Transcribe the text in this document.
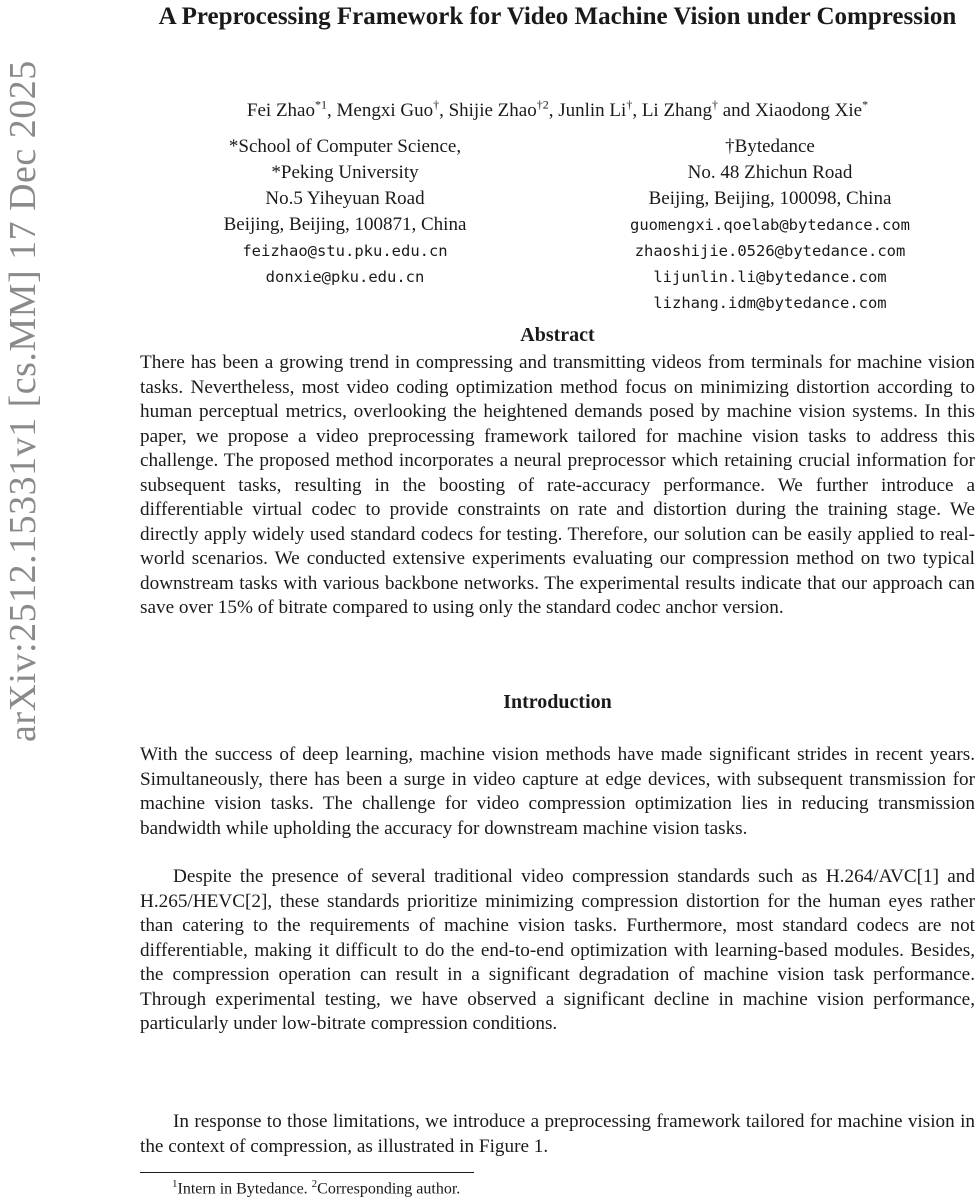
arXiv:2512.15331v1 [cs.MM] 17 Dec 2025
A Preprocessing Framework for Video Machine Vision under Compression
Fei Zhao$^{*1}$, Mengxi Guo†, Shijie Zhao$^{\dagger 2}$, Junlin Li†, Li Zhang† and Xiaodong Xie*
*School of Computer Science,
*Peking University
No.5 Yiheyuan Road
Beijing, Beijing, 100871, China
feizhao@stu.pku.edu.cn
donxie@pku.edu.cn
†Bytedance
No. 48 Zhichun Road
Beijing, Beijing, 100098, China
guomengxi.qoelab@bytedance.com
zhaoshijie.0526@bytedance.com
lijunlin.li@bytedance.com
lizhang.idm@bytedance.com
Abstract

There has been a growing trend in compressing and transmitting videos from terminals for machine vision tasks. Nevertheless, most video coding optimization method focus on minimizing distortion according to human perceptual metrics, overlooking the heightened demands posed by machine vision systems. In this paper, we propose a video preprocessing framework tailored for machine vision tasks to address this challenge. The proposed method incorporates a neural preprocessor which retaining crucial information for subsequent tasks, resulting in the boosting of rate-accuracy performance. We further introduce a differentiable virtual codec to provide constraints on rate and distortion during the training stage. We directly apply widely used standard codecs for testing. Therefore, our solution can be easily applied to real-world scenarios. We conducted extensive experiments evaluating our compression method on two typical downstream tasks with various backbone networks. The experimental results indicate that our approach can save over 15% of bitrate compared to using only the standard codec anchor version.

Introduction

With the success of deep learning, machine vision methods have made significant strides in recent years. Simultaneously, there has been a surge in video capture at edge devices, with subsequent transmission for machine vision tasks. The challenge for video compression optimization lies in reducing transmission bandwidth while upholding the accuracy for downstream machine vision tasks.

Despite the presence of several traditional video compression standards such as H.264/AVC[1] and H.265/HEVC[2], these standards prioritize minimizing compression distortion for the human eyes rather than catering to the requirements of machine vision tasks. Furthermore, most standard codecs are not differentiable, making it difficult to do the end-to-end optimization with learning-based modules. Besides, the compression operation can result in a significant degradation of machine vision task performance. Through experimental testing, we have observed a significant decline in machine vision performance, particularly under low-bitrate compression conditions.

In response to those limitations, we introduce a preprocessing framework tailored for machine vision in the context of compression, as illustrated in Figure 1.

$^1$Intern in Bytedance. $^2$Corresponding author.
